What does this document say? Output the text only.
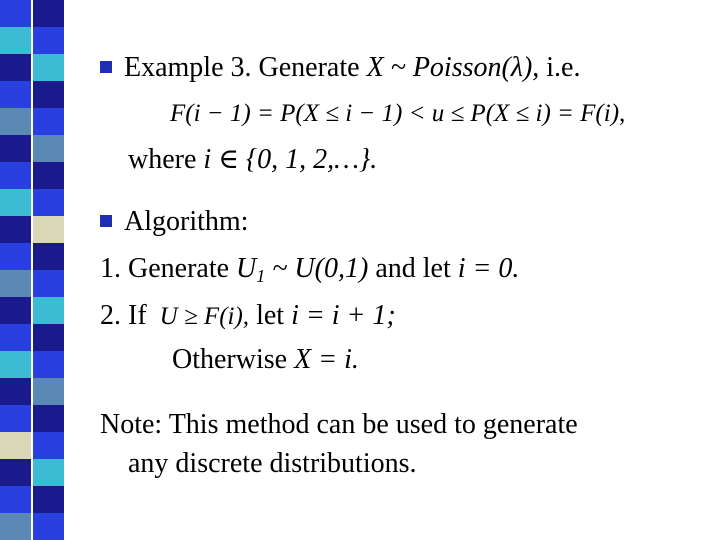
Example 3. Generate X ~ Poisson(λ), i.e.
F(i − 1) = P(X ≤ i − 1) < u ≤ P(X ≤ i) = F(i),
where i ∈ {0, 1, 2,…}.
Algorithm:
1. Generate $U_1$ ~ U(0,1) and let i = 0.
2. If U ≥ F(i), let i = i + 1;
Otherwise X = i.
Note: This method can be used to generate
any discrete distributions.
